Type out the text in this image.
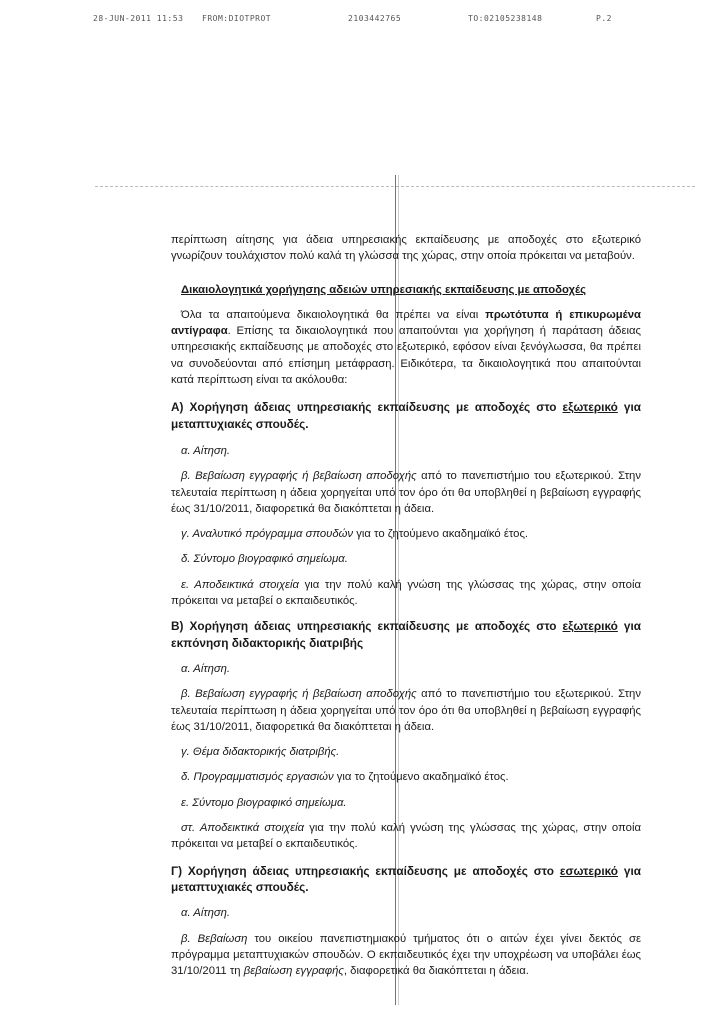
28-JUN-2011 11:53 FROM:DIOTPROT	2103442765	TO:02105238148	P.2

περίπτωση αίτησης για άδεια υπηρεσιακής εκπαίδευσης με αποδοχές στο εξωτερικό γνωρίζουν τουλάχιστον πολύ καλά τη γλώσσα της χώρας, στην οποία πρόκειται να μεταβούν.

Δικαιολογητικά χορήγησης αδειών υπηρεσιακής εκπαίδευσης με αποδοχές

Όλα τα απαιτούμενα δικαιολογητικά θα πρέπει να είναι πρωτότυπα ή επικυρωμένα αντίγραφα. Επίσης τα δικαιολογητικά που απαιτούνται για χορήγηση ή παράταση άδειας υπηρεσιακής εκπαίδευσης με αποδοχές στο εξωτερικό, εφόσον είναι ξενόγλωσσα, θα πρέπει να συνοδεύονται από επίσημη μετάφραση. Ειδικότερα, τα δικαιολογητικά που απαιτούνται κατά περίπτωση είναι τα ακόλουθα:

Α) Χορήγηση άδειας υπηρεσιακής εκπαίδευσης με αποδοχές στο εξωτερικό για μεταπτυχιακές σπουδές.

α. Αίτηση.

β. Βεβαίωση εγγραφής ή βεβαίωση αποδοχής από το πανεπιστήμιο του εξωτερικού. Στην τελευταία περίπτωση η άδεια χορηγείται υπό τον όρο ότι θα υποβληθεί η βεβαίωση εγγραφής έως 31/10/2011, διαφορετικά θα διακόπτεται η άδεια.

γ. Αναλυτικό πρόγραμμα σπουδών για το ζητούμενο ακαδημαϊκό έτος.

δ. Σύντομο βιογραφικό σημείωμα.

ε. Αποδεικτικά στοιχεία για την πολύ καλή γνώση της γλώσσας της χώρας, στην οποία πρόκειται να μεταβεί ο εκπαιδευτικός.

Β) Χορήγηση άδειας υπηρεσιακής εκπαίδευσης με αποδοχές στο εξωτερικό για εκπόνηση διδακτορικής διατριβής

α. Αίτηση.

β. Βεβαίωση εγγραφής ή βεβαίωση αποδοχής από το πανεπιστήμιο του εξωτερικού. Στην τελευταία περίπτωση η άδεια χορηγείται υπό τον όρο ότι θα υποβληθεί η βεβαίωση εγγραφής έως 31/10/2011, διαφορετικά θα διακόπτεται η άδεια.

γ. Θέμα διδακτορικής διατριβής.

δ. Προγραμματισμός εργασιών για το ζητούμενο ακαδημαϊκό έτος.

ε. Σύντομο βιογραφικό σημείωμα.

στ. Αποδεικτικά στοιχεία για την πολύ καλή γνώση της γλώσσας της χώρας, στην οποία πρόκειται να μεταβεί ο εκπαιδευτικός.

Γ) Χορήγηση άδειας υπηρεσιακής εκπαίδευσης με αποδοχές στο εσωτερικό για μεταπτυχιακές σπουδές.

α. Αίτηση.

β. Βεβαίωση του οικείου πανεπιστημιακού τμήματος ότι ο αιτών έχει γίνει δεκτός σε πρόγραμμα μεταπτυχιακών σπουδών. Ο εκπαιδευτικός έχει την υποχρέωση να υποβάλει έως 31/10/2011 τη βεβαίωση εγγραφής, διαφορετικά θα διακόπτεται η άδεια.
